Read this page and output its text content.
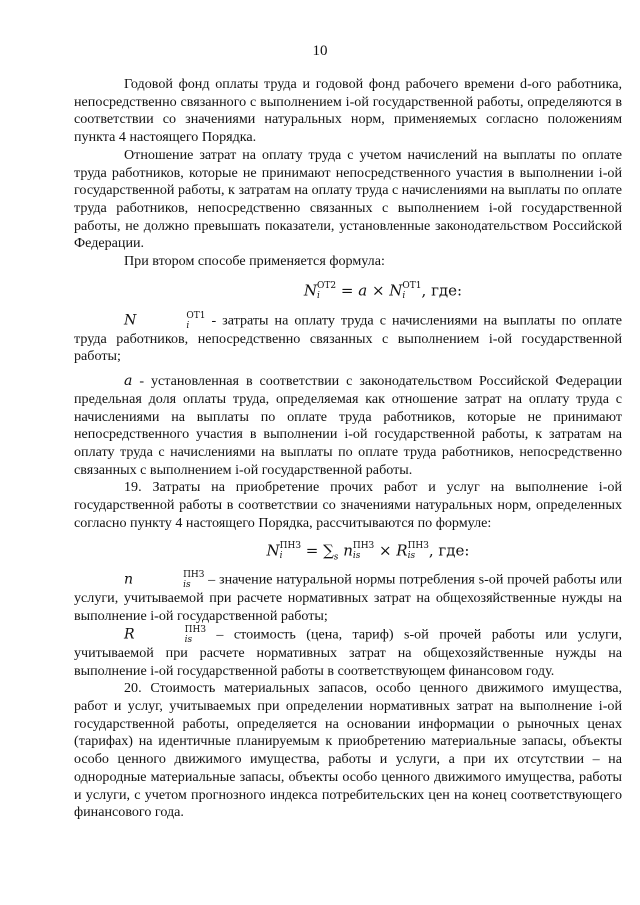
10

Годовой фонд оплаты труда и годовой фонд рабочего времени d-ого работника, непосредственно связанного с выполнением i-ой государственной работы, определяются в соответствии со значениями натуральных норм, применяемых согласно положениям пункта 4 настоящего Порядка.

Отношение затрат на оплату труда с учетом начислений на выплаты по оплате труда работников, которые не принимают непосредственного участия в выполнении i-ой государственной работы, к затратам на оплату труда с начислениями на выплаты по оплате труда работников, непосредственно связанных с выполнением i-ой государственной работы, не должно превышать показатели, установленные законодательством Российской Федерации.

При втором способе применяется формула:

N ОТ2
i	= a × N ОТ1
i	, где:

N	ОТ1
i	- затраты на оплату труда с начислениями на выплаты по оплате труда работников, непосредственно связанных с выполнением i-ой государственной работы;

a - установленная в соответствии с законодательством Российской Федерации предельная доля оплаты труда, определяемая как отношение затрат на оплату труда с начислениями на выплаты по оплате труда работников, которые не принимают непосредственного участия в выполнении i-ой государственной работы, к затратам на оплату труда с начислениями на выплаты по оплате труда работников, непосредственно связанных с выполнением i-ой государственной работы.

19. Затраты на приобретение прочих работ и услуг на выполнение i-ой государственной работы в соответствии со значениями натуральных норм, определенных согласно пункту 4 настоящего Порядка, рассчитываются по формуле:

N ПНЗ
i	= $\sum_s$ n ПНЗ
is × R ПНЗ
is , где:

n	ПНЗ
is – значение натуральной нормы потребления s-ой прочей работы или услуги, учитываемой при расчете нормативных затрат на общехозяйственные нужды на выполнение i-ой государственной работы;

R	ПНЗ
is – стоимость (цена, тариф) s-ой прочей работы или услуги, учитываемой при расчете нормативных затрат на общехозяйственные нужды на выполнение i-ой государственной работы в соответствующем финансовом году.

20. Стоимость материальных запасов, особо ценного движимого имущества, работ и услуг, учитываемых при определении нормативных затрат на выполнение i-ой государственной работы, определяется на основании информации о рыночных ценах (тарифах) на идентичные планируемым к приобретению материальные запасы, объекты особо ценного движимого имущества, работы и услуги, а при их отсутствии – на однородные материальные запасы, объекты особо ценного движимого имущества, работы и услуги, с учетом прогнозного индекса потребительских цен на конец соответствующего финансового года.
